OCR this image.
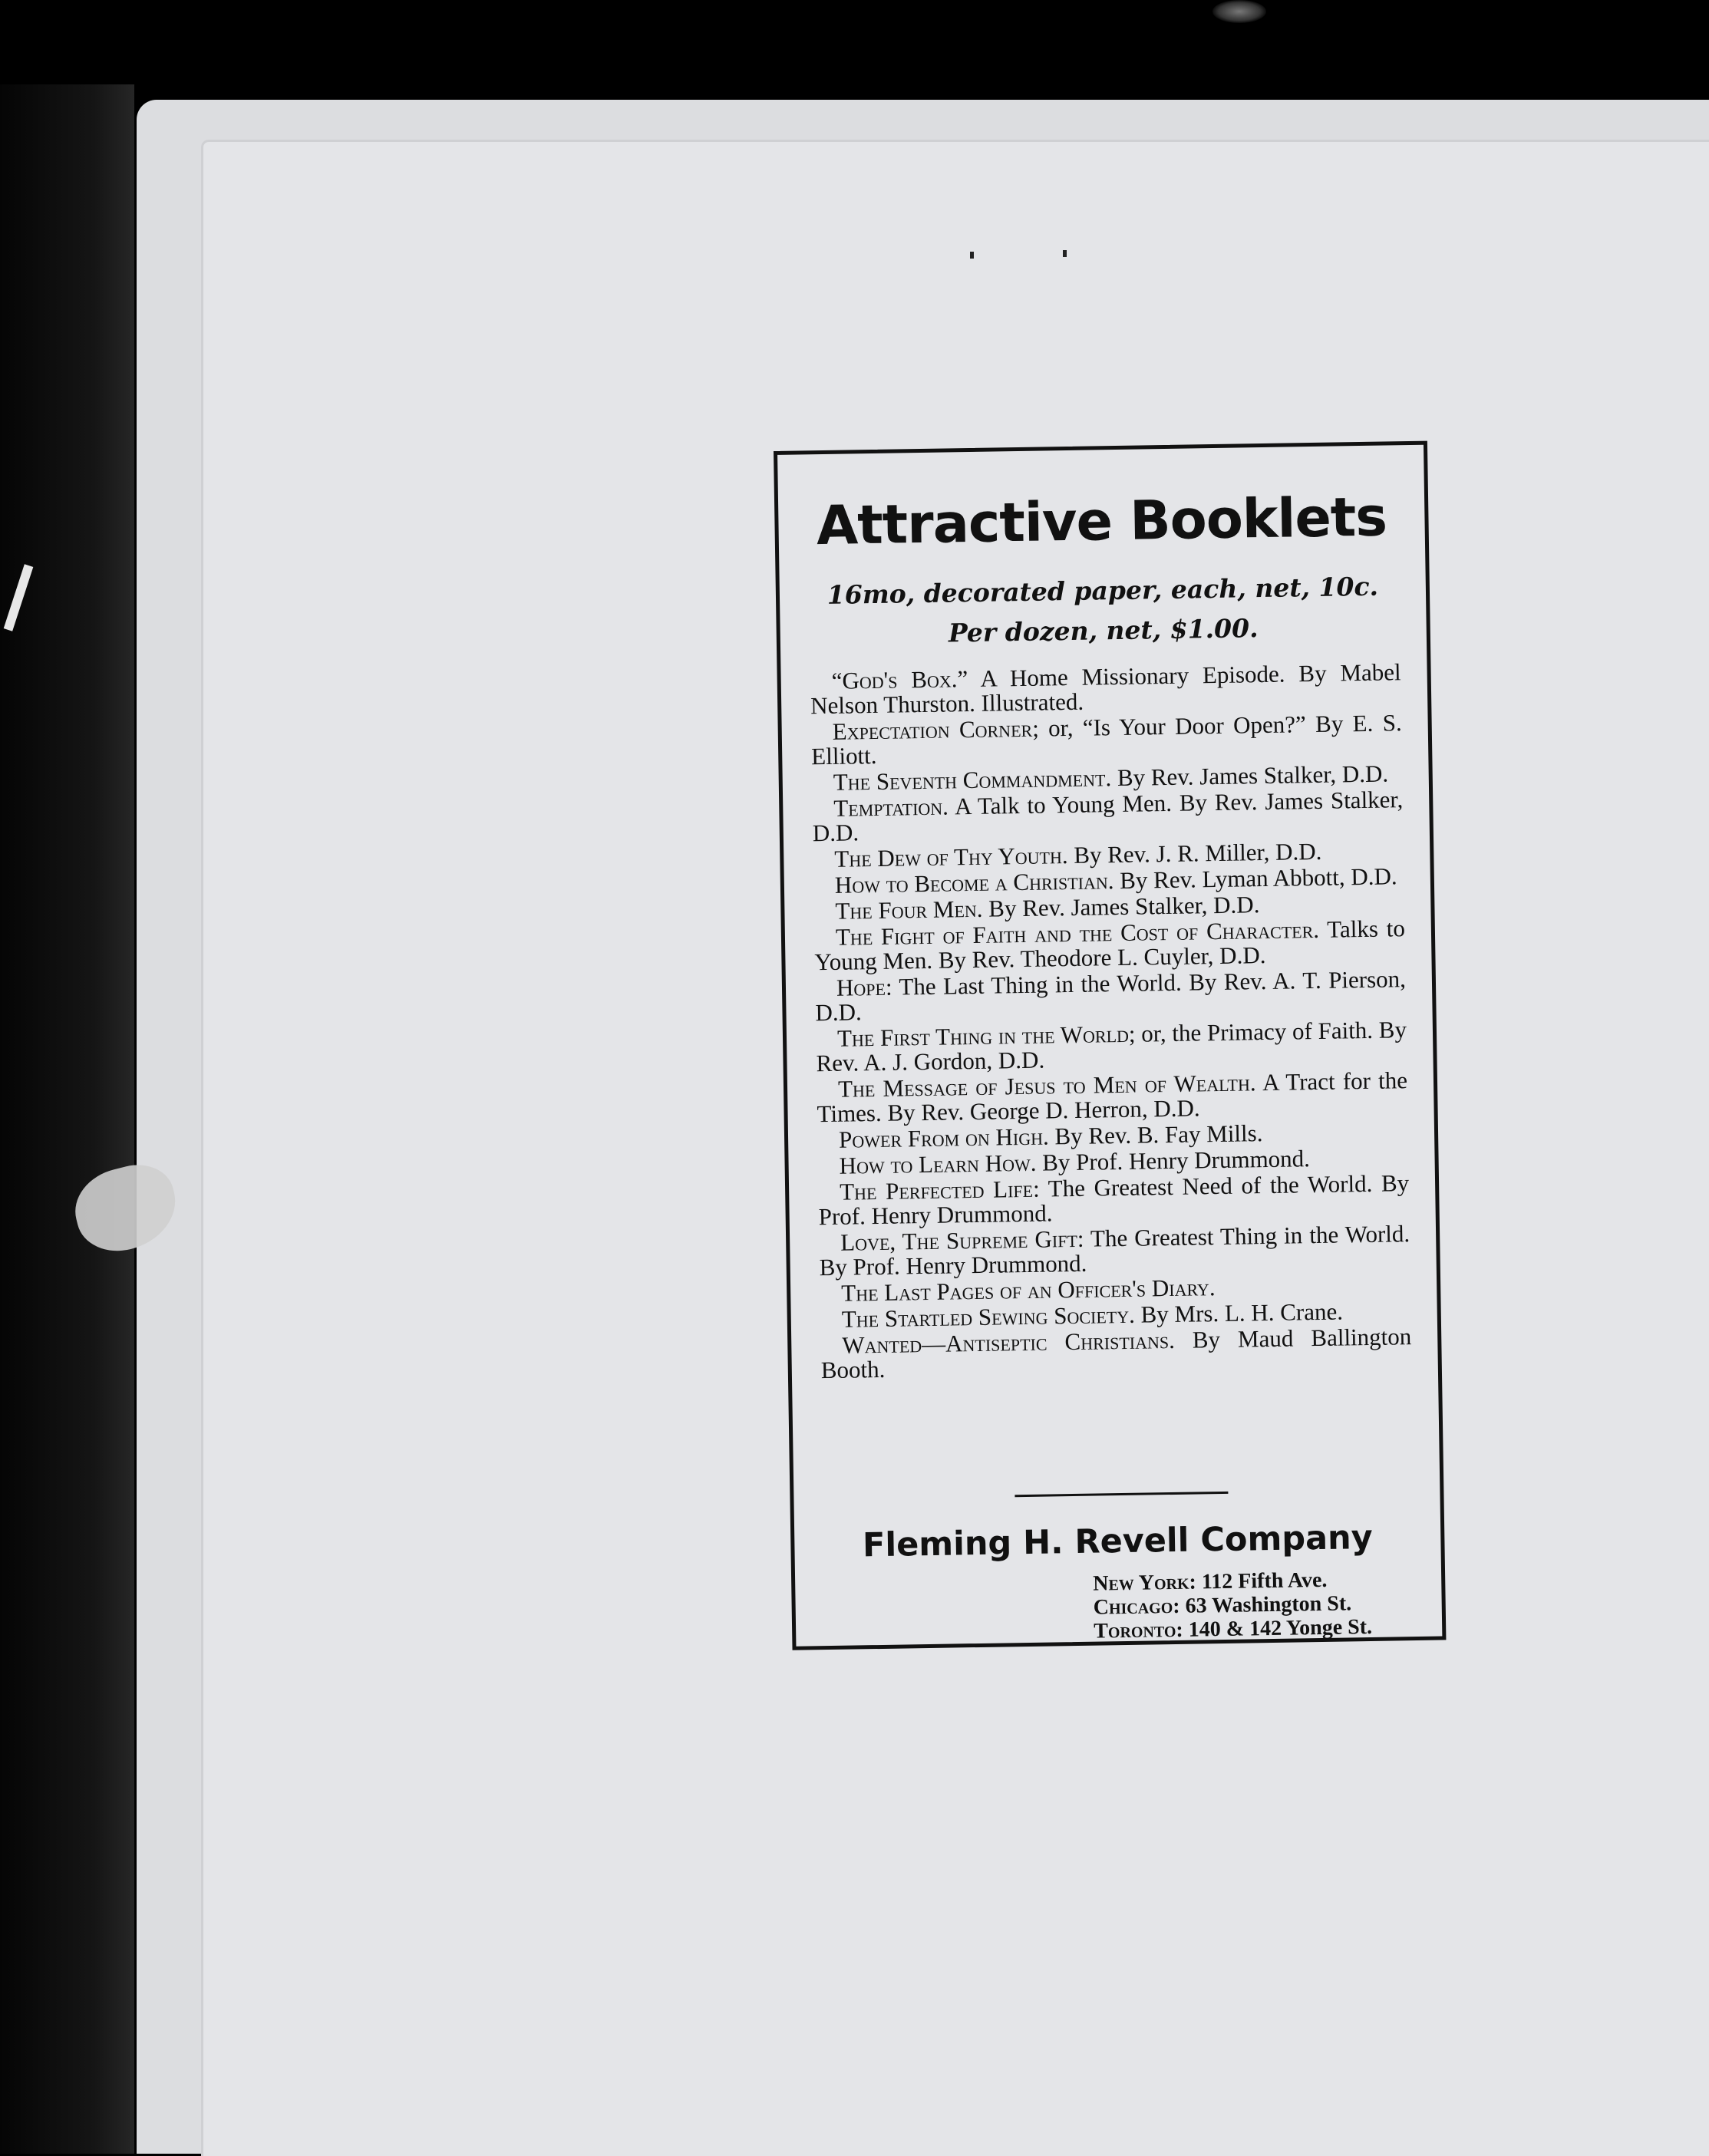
Attractive Booklets
16mo, decorated paper, each, net, 10c. Per dozen, net, $1.00.
“God's Box.” A Home Missionary Episode. By Mabel Nelson Thurston. Illustrated.
Expectation Corner; or, “Is Your Door Open?” By E. S. Elliott.
The Seventh Commandment. By Rev. James Stalker, D.D.
Temptation. A Talk to Young Men. By Rev. James Stalker, D.D.
The Dew of Thy Youth. By Rev. J. R. Miller, D.D.
How to Become a Christian. By Rev. Lyman Abbott, D.D.
The Four Men. By Rev. James Stalker, D.D.
The Fight of Faith and the Cost of Character. Talks to Young Men. By Rev. Theodore L. Cuyler, D.D.
Hope: The Last Thing in the World. By Rev. A. T. Pierson, D.D.
The First Thing in the World; or, the Primacy of Faith. By Rev. A. J. Gordon, D.D.
The Message of Jesus to Men of Wealth. A Tract for the Times. By Rev. George D. Herron, D.D.
Power From on High. By Rev. B. Fay Mills.
How to Learn How. By Prof. Henry Drummond.
The Perfected Life: The Greatest Need of the World. By Prof. Henry Drummond.
Love, The Supreme Gift: The Greatest Thing in the World. By Prof. Henry Drummond.
The Last Pages of an Officer's Diary.
The Startled Sewing Society. By Mrs. L. H. Crane.
Wanted—Antiseptic Christians. By Maud Ballington Booth.
Fleming H. Revell Company
New York: 112 Fifth Ave.
Chicago: 63 Washington St.
Toronto: 140 & 142 Yonge St.
